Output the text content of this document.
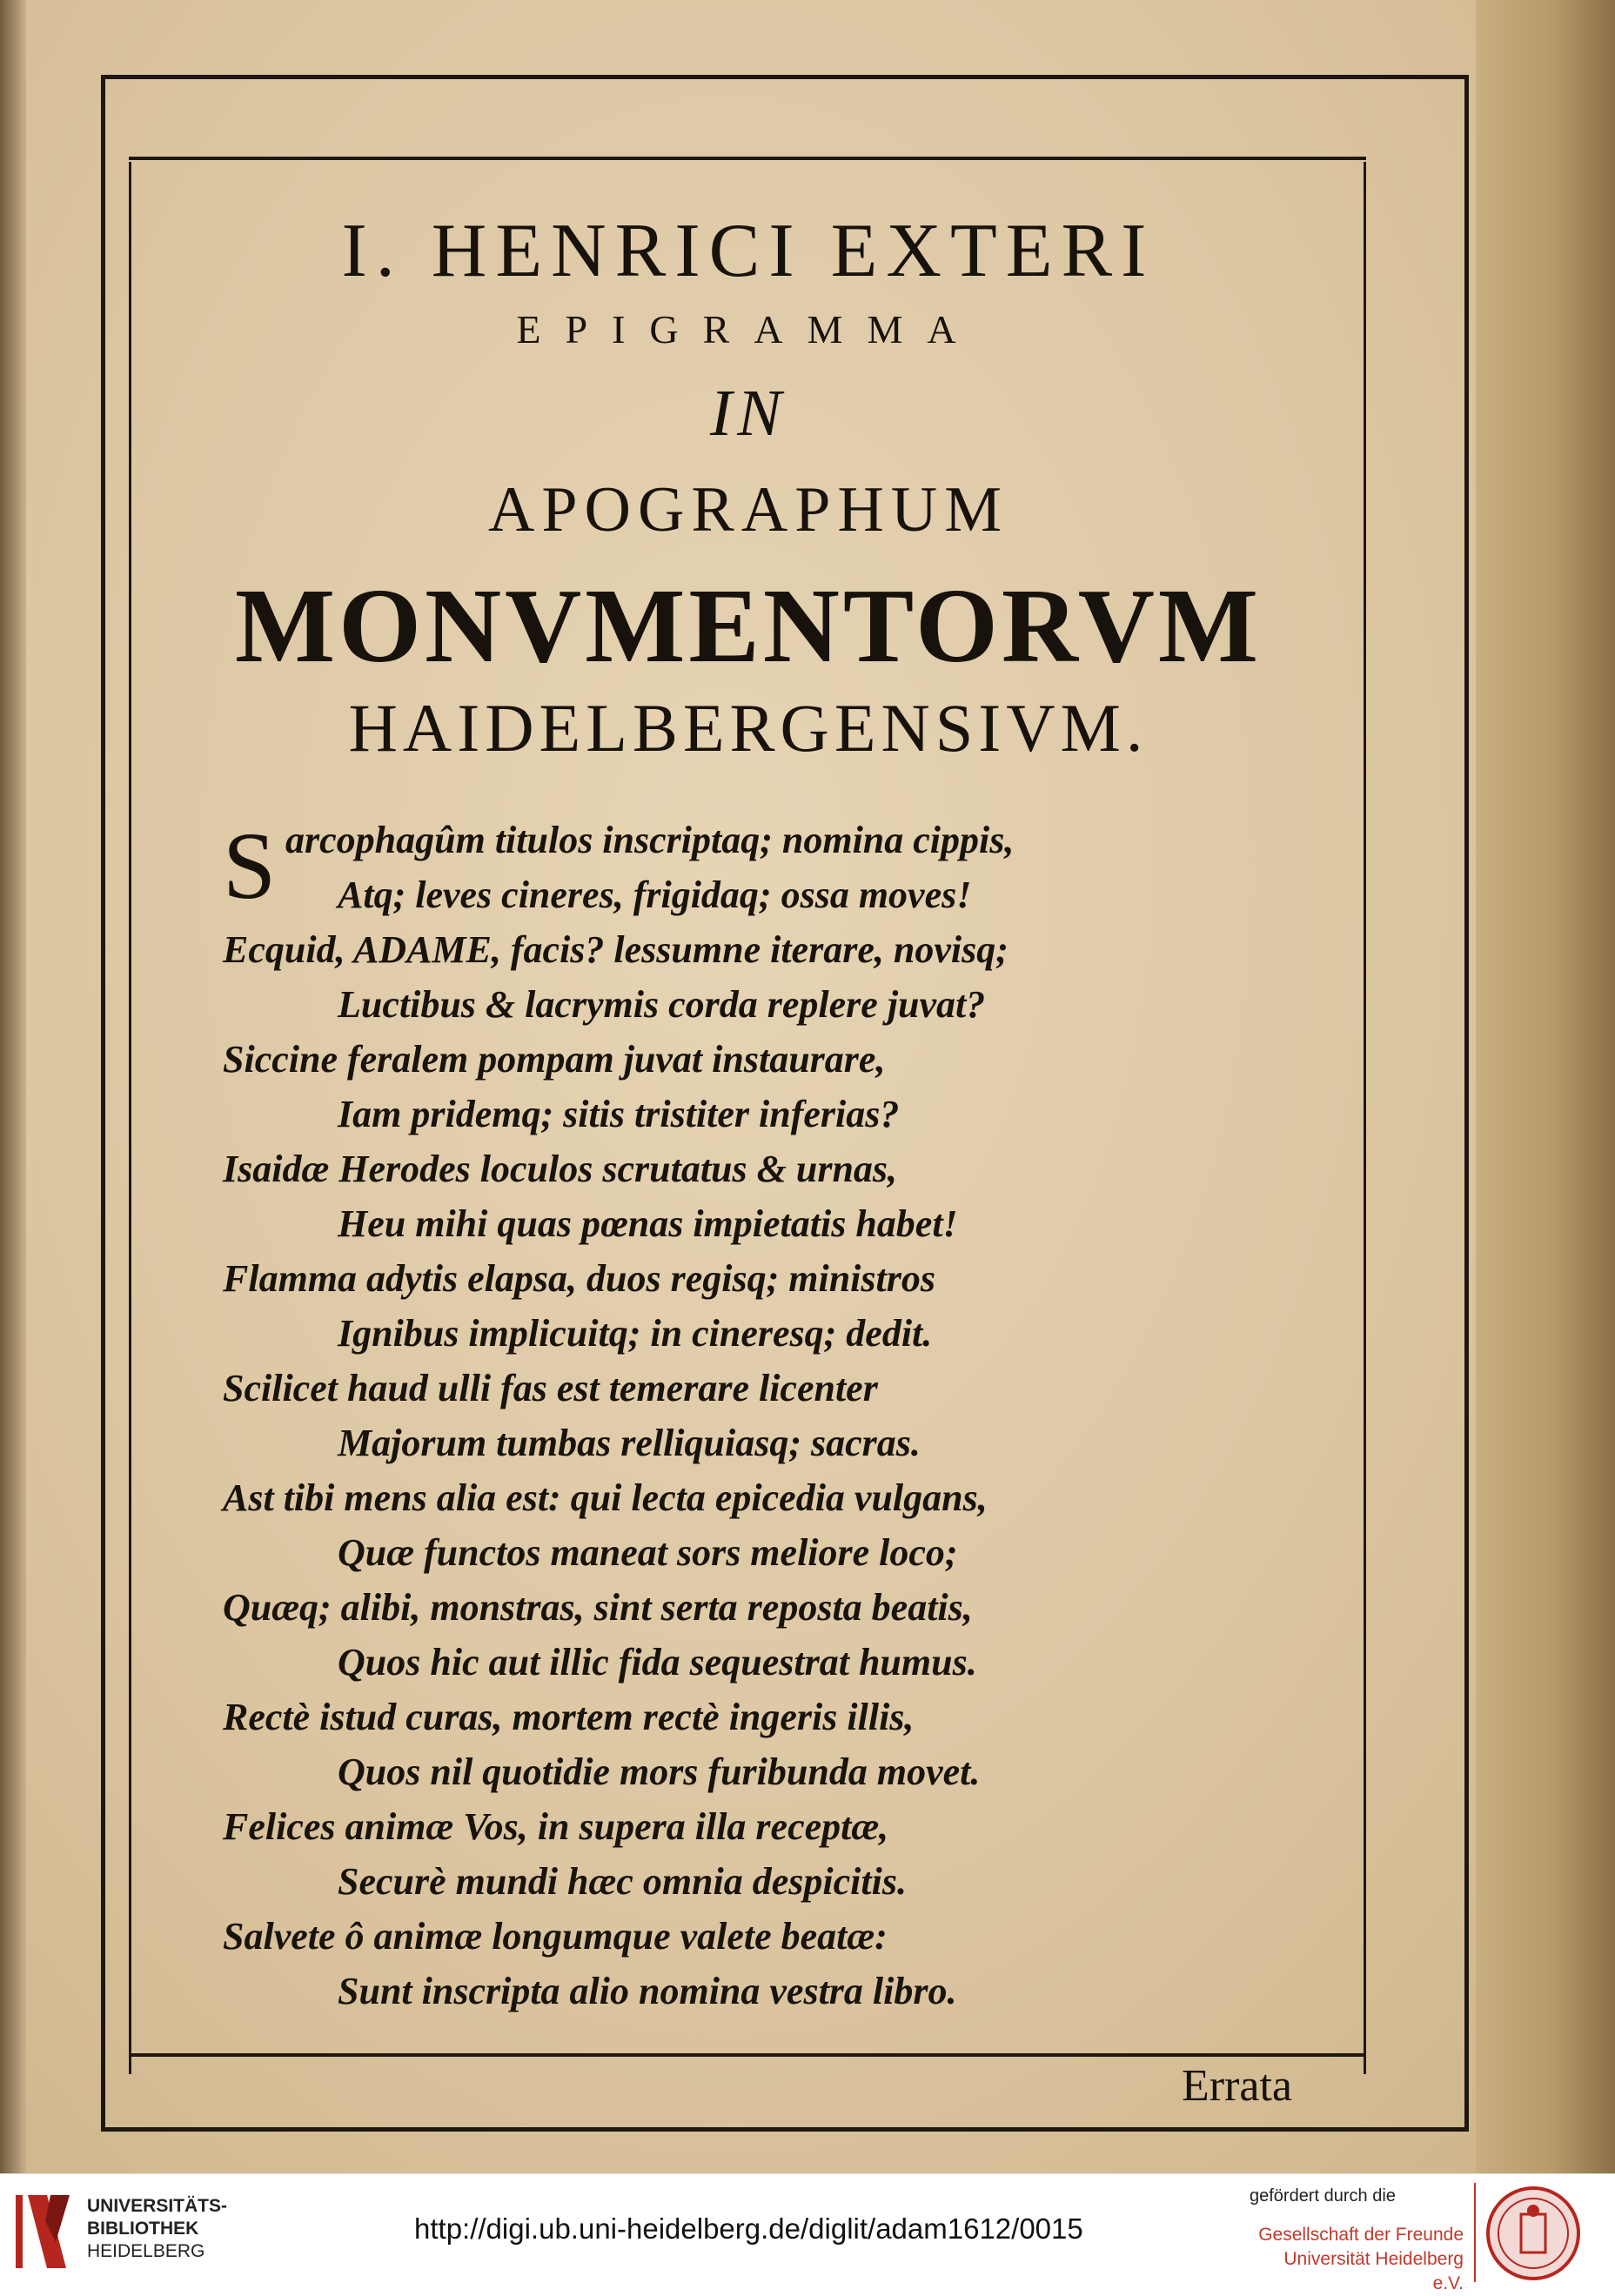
I. HENRICI EXTERI
EPIGRAMMA
IN
APOGRAPHUM
MONVMENTORVM
HAIDELBERGENSIVM.
S arcophagûm titulos inscriptaq; nomina cippis,
Atq; leves cineres, frigidaq; ossa moves!
Ecquid, ADAME, facis? lessumne iterare, novisq;
Luctibus & lacrymis corda replere juvat?
Siccine feralem pompam juvat instaurare,
Iam pridemq; sitis tristiter inferias?
Isaidæ Herodes loculos scrutatus & urnas,
Heu mihi quas pœnas impietatis habet!
Flamma adytis elapsa, duos regisq; ministros
Ignibus implicuitq; in cineresq; dedit.
Scilicet haud ulli fas est temerare licenter
Majorum tumbas relliquiasq; sacras.
Ast tibi mens alia est: qui lecta epicedia vulgans,
Quæ functos maneat sors meliore loco;
Quæq; alibi, monstras, sint serta reposta beatis,
Quos hic aut illic fida sequestrat humus.
Rectè istud curas, mortem rectè ingeris illis,
Quos nil quotidie mors furibunda movet.
Felices animæ Vos, in supera illa receptæ,
Securè mundi hæc omnia despicitis.
Salvete ô animæ longumque valete beatæ:
Sunt inscripta alio nomina vestra libro.
Errata
UNIVERSITÄTS-
BIBLIOTHEK
HEIDELBERG
http://digi.ub.uni-heidelberg.de/diglit/adam1612/0015
gefördert durch die
Gesellschaft der Freunde
Universität Heidelberg e.V.
